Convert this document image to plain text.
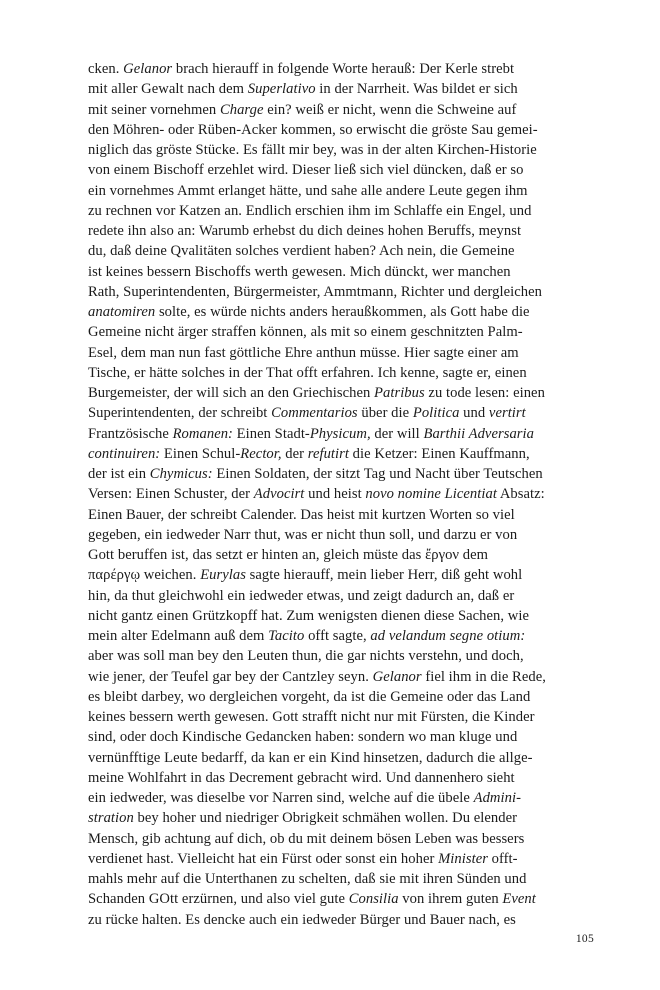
cken. Gelanor brach hierauff in folgende Worte herauß: Der Kerle strebt
mit aller Gewalt nach dem Superlativo in der Narrheit. Was bildet er sich
mit seiner vornehmen Charge ein? weiß er nicht, wenn die Schweine auf
den Möhren- oder Rüben-Acker kommen, so erwischt die gröste Sau gemei-
niglich das gröste Stücke. Es fällt mir bey, was in der alten Kirchen-Historie
von einem Bischoff erzehlet wird. Dieser ließ sich viel düncken, daß er so
ein vornehmes Ammt erlanget hätte, und sahe alle andere Leute gegen ihm
zu rechnen vor Katzen an. Endlich erschien ihm im Schlaffe ein Engel, und
redete ihn also an: Warumb erhebst du dich deines hohen Beruffs, meynst
du, daß deine Qvalitäten solches verdient haben? Ach nein, die Gemeine
ist keines bessern Bischoffs werth gewesen. Mich dünckt, wer manchen
Rath, Superintendenten, Bürgermeister, Ammtmann, Richter und dergleichen
anatomiren solte, es würde nichts anders heraußkommen, als Gott habe die
Gemeine nicht ärger straffen können, als mit so einem geschnitzten Palm-
Esel, dem man nun fast göttliche Ehre anthun müsse. Hier sagte einer am
Tische, er hätte solches in der That offt erfahren. Ich kenne, sagte er, einen
Burgemeister, der will sich an den Griechischen Patribus zu tode lesen: einen
Superintendenten, der schreibt Commentarios über die Politica und vertirt
Frantzösische Romanen: Einen Stadt-Physicum, der will Barthii Adversaria
continuiren: Einen Schul-Rector, der refutirt die Ketzer: Einen Kauffmann,
der ist ein Chymicus: Einen Soldaten, der sitzt Tag und Nacht über Teutschen
Versen: Einen Schuster, der Advocirt und heist novo nomine Licentiat Absatz:
Einen Bauer, der schreibt Calender. Das heist mit kurtzen Worten so viel
gegeben, ein iedweder Narr thut, was er nicht thun soll, und darzu er von
Gott beruffen ist, das setzt er hinten an, gleich müste das ἔργον dem
παρέργῳ weichen. Eurylas sagte hierauff, mein lieber Herr, diß geht wohl
hin, da thut gleichwohl ein iedweder etwas, und zeigt dadurch an, daß er
nicht gantz einen Grützkopff hat. Zum wenigsten dienen diese Sachen, wie
mein alter Edelmann auß dem Tacito offt sagte, ad velandum segne otium:
aber was soll man bey den Leuten thun, die gar nichts verstehn, und doch,
wie jener, der Teufel gar bey der Cantzley seyn. Gelanor fiel ihm in die Rede,
es bleibt darbey, wo dergleichen vorgeht, da ist die Gemeine oder das Land
keines bessern werth gewesen. Gott strafft nicht nur mit Fürsten, die Kinder
sind, oder doch Kindische Gedancken haben: sondern wo man kluge und
vernünfftige Leute bedarff, da kan er ein Kind hinsetzen, dadurch die allge-
meine Wohlfahrt in das Decrement gebracht wird. Und dannenhero sieht
ein iedweder, was dieselbe vor Narren sind, welche auf die übele Admini-
stration bey hoher und niedriger Obrigkeit schmähen wollen. Du elender
Mensch, gib achtung auf dich, ob du mit deinem bösen Leben was bessers
verdienet hast. Vielleicht hat ein Fürst oder sonst ein hoher Minister offt-
mahls mehr auf die Unterthanen zu schelten, daß sie mit ihren Sünden und
Schanden GOtt erzürnen, und also viel gute Consilia von ihrem guten Event
zu rücke halten. Es dencke auch ein iedweder Bürger und Bauer nach, es
105
